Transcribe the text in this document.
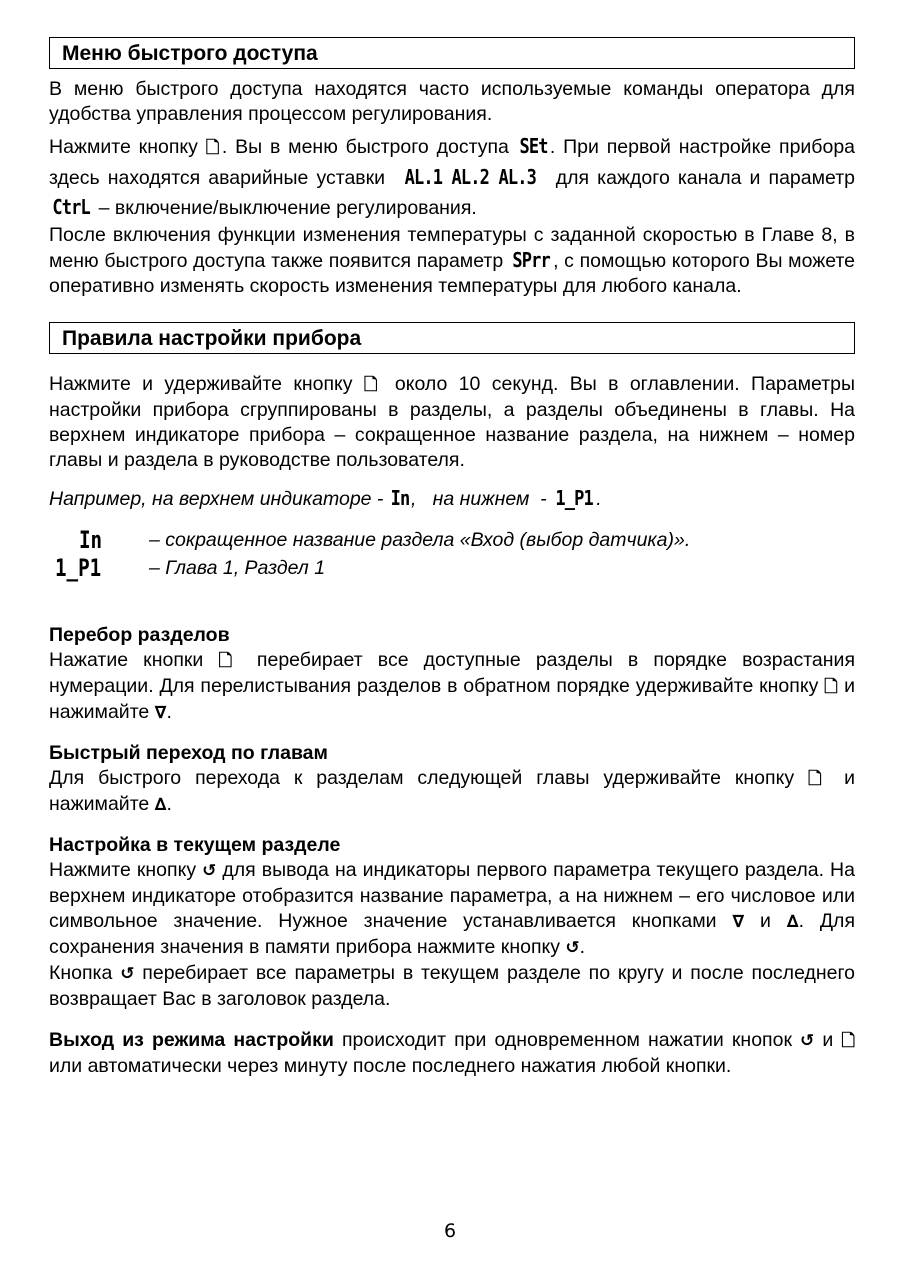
Меню быстрого доступа

В меню быстрого доступа находятся часто используемые команды оператора для удобства управления процессом регулирования.

Нажмите кнопку 🗋. Вы в меню быстрого доступа SEt . При первой настройке прибора здесь находятся аварийные уставки AL.1 AL.2 AL.3 для каждого канала и параметр CtrL – включение/выключение регулирования.

После включения функции изменения температуры с заданной скоростью в Главе 8, в меню быстрого доступа также появится параметр SPrr , с помощью которого Вы можете оперативно изменять скорость изменения температуры для любого канала.

Правила настройки прибора

Нажмите и удерживайте кнопку 🗋 около 10 секунд. Вы в оглавлении. Параметры настройки прибора сгруппированы в разделы, а разделы объединены в главы. На верхнем индикаторе прибора – сокращенное название раздела, на нижнем – номер главы и раздела в руководстве пользователя.

Например, на верхнем индикаторе - In,   на нижнем  - 1_P1 .

In – сокращенное название раздела «Вход (выбор датчика)».
1_P1 – Глава 1, Раздел 1

Перебор разделов

Нажатие кнопки 🗋 перебирает все доступные разделы в порядке возрастания нумерации. Для перелистывания разделов в обратном порядке удерживайте кнопку 🗋 и нажимайте ∇.

Быстрый переход по главам

Для быстрого перехода к разделам следующей главы удерживайте кнопку 🗋 и нажимайте ∆.

Настройка в текущем разделе

Нажмите кнопку ↺ для вывода на индикаторы первого параметра текущего раздела. На верхнем индикаторе отобразится название параметра, а на нижнем – его числовое или символьное значение. Нужное значение устанавливается кнопками ∇ и ∆. Для сохранения значения в памяти прибора нажмите кнопку ↺.

Кнопка ↺ перебирает все параметры в текущем разделе по кругу и после последнего возвращает Вас в заголовок раздела.

Выход из режима настройки происходит при одновременном нажатии кнопок ↺ и 🗋 или автоматически через минуту после последнего нажатия любой кнопки.

6
